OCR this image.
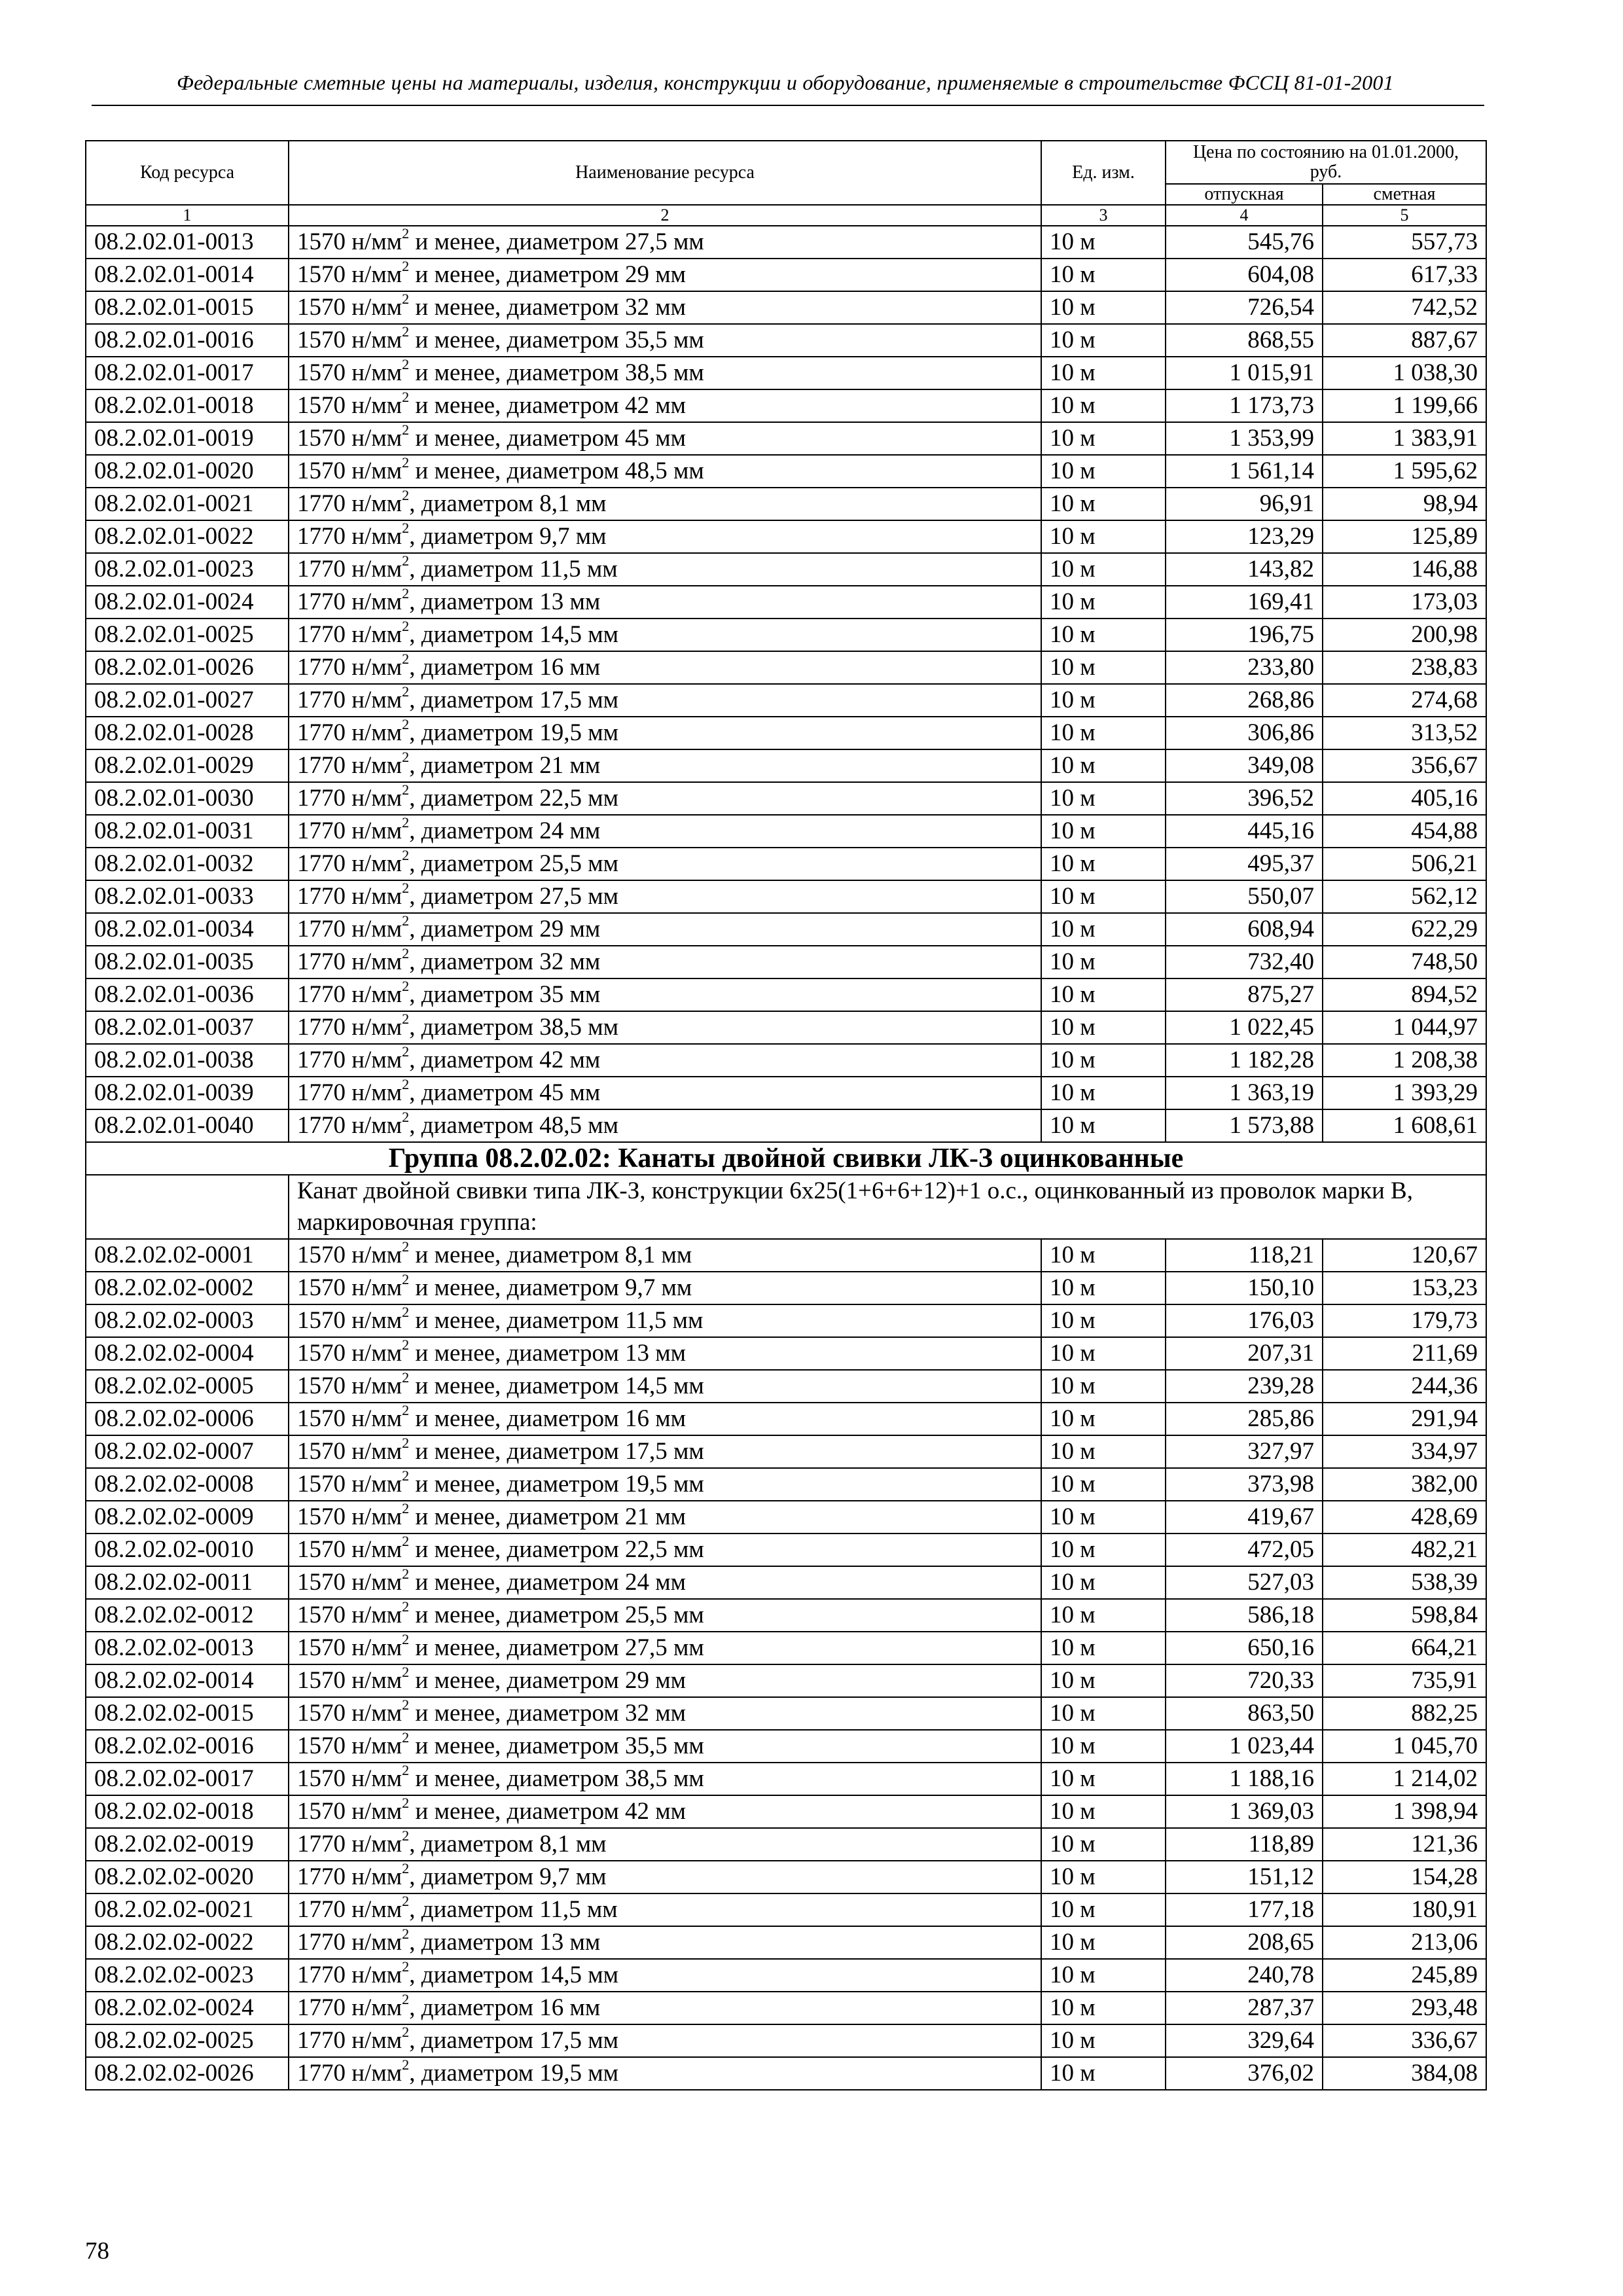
Федеральные сметные цены на материалы, изделия, конструкции и оборудование, применяемые в строительстве ФССЦ 81-01-2001
Код ресурса	Наименование ресурса	Ед. изм.	Цена по состоянию на 01.01.2000, руб.	
			отпускная	сметная
1	2	3	4	5
08.2.02.01-0013	1570 $н/мм^2$ и менее, диаметром 27,5 мм	10 м	545,76	557,73
08.2.02.01-0014	1570 $н/мм^2$ и менее, диаметром 29 мм	10 м	604,08	617,33
08.2.02.01-0015	1570 $н/мм^2$ и менее, диаметром 32 мм	10 м	726,54	742,52
08.2.02.01-0016	1570 $н/мм^2$ и менее, диаметром 35,5 мм	10 м	868,55	887,67
08.2.02.01-0017	1570 $н/мм^2$ и менее, диаметром 38,5 мм	10 м	1 015,91	1 038,30
08.2.02.01-0018	1570 $н/мм^2$ и менее, диаметром 42 мм	10 м	1 173,73	1 199,66
08.2.02.01-0019	1570 $н/мм^2$ и менее, диаметром 45 мм	10 м	1 353,99	1 383,91
08.2.02.01-0020	1570 $н/мм^2$ и менее, диаметром 48,5 мм	10 м	1 561,14	1 595,62
08.2.02.01-0021	1770 $н/мм^2$, диаметром 8,1 мм	10 м	96,91	98,94
08.2.02.01-0022	1770 $н/мм^2$, диаметром 9,7 мм	10 м	123,29	125,89
08.2.02.01-0023	1770 $н/мм^2$, диаметром 11,5 мм	10 м	143,82	146,88
08.2.02.01-0024	1770 $н/мм^2$, диаметром 13 мм	10 м	169,41	173,03
08.2.02.01-0025	1770 $н/мм^2$, диаметром 14,5 мм	10 м	196,75	200,98
08.2.02.01-0026	1770 $н/мм^2$, диаметром 16 мм	10 м	233,80	238,83
08.2.02.01-0027	1770 $н/мм^2$, диаметром 17,5 мм	10 м	268,86	274,68
08.2.02.01-0028	1770 $н/мм^2$, диаметром 19,5 мм	10 м	306,86	313,52
08.2.02.01-0029	1770 $н/мм^2$, диаметром 21 мм	10 м	349,08	356,67
08.2.02.01-0030	1770 $н/мм^2$, диаметром 22,5 мм	10 м	396,52	405,16
08.2.02.01-0031	1770 $н/мм^2$, диаметром 24 мм	10 м	445,16	454,88
08.2.02.01-0032	1770 $н/мм^2$, диаметром 25,5 мм	10 м	495,37	506,21
08.2.02.01-0033	1770 $н/мм^2$, диаметром 27,5 мм	10 м	550,07	562,12
08.2.02.01-0034	1770 $н/мм^2$, диаметром 29 мм	10 м	608,94	622,29
08.2.02.01-0035	1770 $н/мм^2$, диаметром 32 мм	10 м	732,40	748,50
08.2.02.01-0036	1770 $н/мм^2$, диаметром 35 мм	10 м	875,27	894,52
08.2.02.01-0037	1770 $н/мм^2$, диаметром 38,5 мм	10 м	1 022,45	1 044,97
08.2.02.01-0038	1770 $н/мм^2$, диаметром 42 мм	10 м	1 182,28	1 208,38
08.2.02.01-0039	1770 $н/мм^2$, диаметром 45 мм	10 м	1 363,19	1 393,29
08.2.02.01-0040	1770 $н/мм^2$, диаметром 48,5 мм	10 м	1 573,88	1 608,61
Группа 08.2.02.02: Канаты двойной свивки ЛК-З оцинкованные				
	Канат двойной свивки типа ЛК-З, конструкции 6х25(1+6+6+12)+1 о.с., оцинкованный из проволок марки В, маркировочная группа:			
08.2.02.02-0001	1570 $н/мм^2$ и менее, диаметром 8,1 мм	10 м	118,21	120,67
08.2.02.02-0002	1570 $н/мм^2$ и менее, диаметром 9,7 мм	10 м	150,10	153,23
08.2.02.02-0003	1570 $н/мм^2$ и менее, диаметром 11,5 мм	10 м	176,03	179,73
08.2.02.02-0004	1570 $н/мм^2$ и менее, диаметром 13 мм	10 м	207,31	211,69
08.2.02.02-0005	1570 $н/мм^2$ и менее, диаметром 14,5 мм	10 м	239,28	244,36
08.2.02.02-0006	1570 $н/мм^2$ и менее, диаметром 16 мм	10 м	285,86	291,94
08.2.02.02-0007	1570 $н/мм^2$ и менее, диаметром 17,5 мм	10 м	327,97	334,97
08.2.02.02-0008	1570 $н/мм^2$ и менее, диаметром 19,5 мм	10 м	373,98	382,00
08.2.02.02-0009	1570 $н/мм^2$ и менее, диаметром 21 мм	10 м	419,67	428,69
08.2.02.02-0010	1570 $н/мм^2$ и менее, диаметром 22,5 мм	10 м	472,05	482,21
08.2.02.02-0011	1570 $н/мм^2$ и менее, диаметром 24 мм	10 м	527,03	538,39
08.2.02.02-0012	1570 $н/мм^2$ и менее, диаметром 25,5 мм	10 м	586,18	598,84
08.2.02.02-0013	1570 $н/мм^2$ и менее, диаметром 27,5 мм	10 м	650,16	664,21
08.2.02.02-0014	1570 $н/мм^2$ и менее, диаметром 29 мм	10 м	720,33	735,91
08.2.02.02-0015	1570 $н/мм^2$ и менее, диаметром 32 мм	10 м	863,50	882,25
08.2.02.02-0016	1570 $н/мм^2$ и менее, диаметром 35,5 мм	10 м	1 023,44	1 045,70
08.2.02.02-0017	1570 $н/мм^2$ и менее, диаметром 38,5 мм	10 м	1 188,16	1 214,02
08.2.02.02-0018	1570 $н/мм^2$ и менее, диаметром 42 мм	10 м	1 369,03	1 398,94
08.2.02.02-0019	1770 $н/мм^2$, диаметром 8,1 мм	10 м	118,89	121,36
08.2.02.02-0020	1770 $н/мм^2$, диаметром 9,7 мм	10 м	151,12	154,28
08.2.02.02-0021	1770 $н/мм^2$, диаметром 11,5 мм	10 м	177,18	180,91
08.2.02.02-0022	1770 $н/мм^2$, диаметром 13 мм	10 м	208,65	213,06
08.2.02.02-0023	1770 $н/мм^2$, диаметром 14,5 мм	10 м	240,78	245,89
08.2.02.02-0024	1770 $н/мм^2$, диаметром 16 мм	10 м	287,37	293,48
08.2.02.02-0025	1770 $н/мм^2$, диаметром 17,5 мм	10 м	329,64	336,67
08.2.02.02-0026	1770 $н/мм^2$, диаметром 19,5 мм	10 м	376,02	384,08
78
